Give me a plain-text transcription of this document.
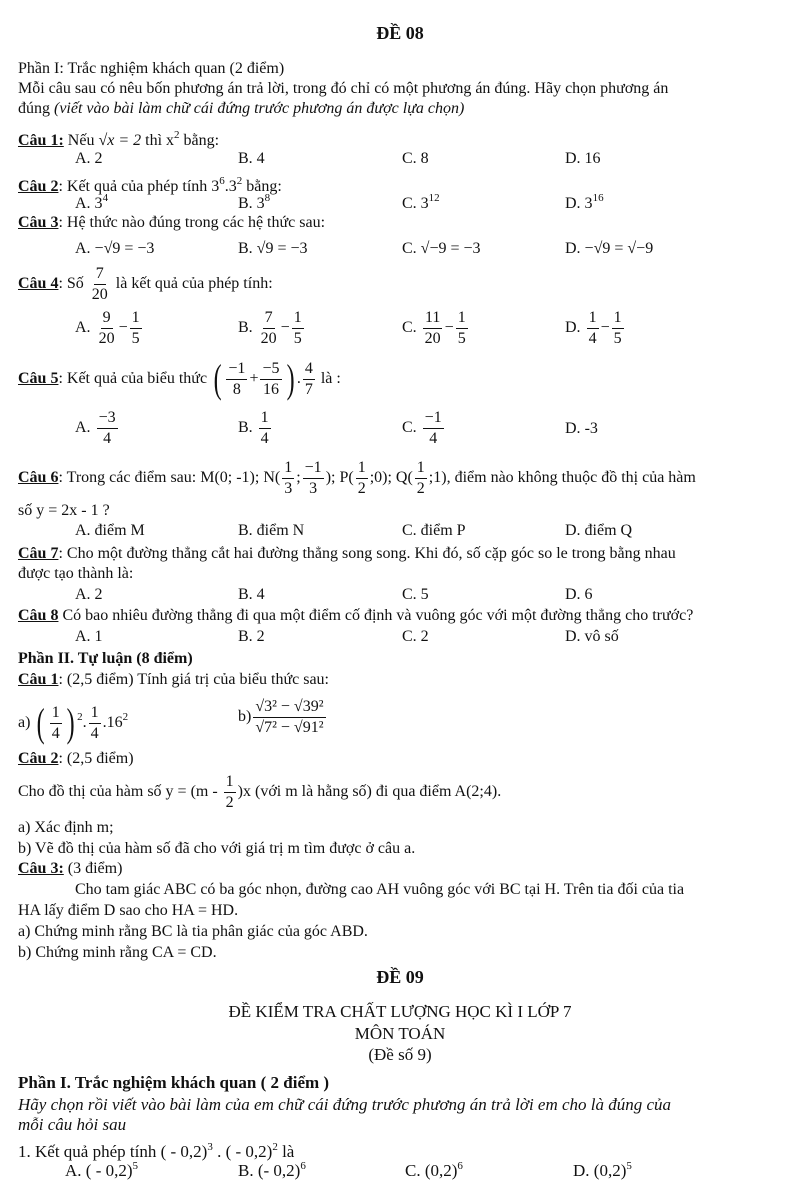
ĐỀ 08
Phần I: Trắc nghiệm khách quan (2 điểm)
Mỗi câu sau có nêu bốn phương án trả lời, trong đó chỉ có một phương án đúng. Hãy chọn phương án
đúng (viết vào bài làm chữ cái đứng trước phương án được lựa chọn)
Câu 1: Nếu √x = 2 thì $x^2$ bằng:
A. 2	B. 4	C. 8	D. 16
Câu 2: Kết quả của phép tính $3^6.3^2$ bằng:
A. $3^4$	B. $3^8$	C. $3^{12}$	D. $3^{16}$
Câu 3: Hệ thức nào đúng trong các hệ thức sau:
A. −√9 = −3	B. √9 = −3	C. √−9 = −3	D. −√9 = √−9
Câu 4: Số $\frac{7}{20}$ là kết quả của phép tính:
A. $\frac{9}{20} - \frac{1}{5}$	B. $\frac{7}{20} - \frac{1}{5}$	C. $\frac{11}{20} - \frac{1}{5}$	D. $\frac{1}{4} - \frac{1}{5}$
Câu 5: Kết quả của biểu thức ( $\frac{-1}{8} + \frac{-5}{16}$ ) . $\frac{4}{7}$ là :
A. $\frac{-3}{4}$	B. $\frac{1}{4}$	C. $\frac{-1}{4}$	D. -3
Câu 6: Trong các điểm sau: M(0; -1); $N( \frac{1}{3}$ ; $\frac{-1}{3}$ ); $P( \frac{1}{2}$ ;0); $Q( \frac{1}{2}$ ;1), điểm nào không thuộc đồ thị của hàm
số y = 2x - 1 ?
A. điểm M	B. điểm N	C. điểm P	D. điểm Q
Câu 7: Cho một đường thẳng cắt hai đường thẳng song song. Khi đó, số cặp góc so le trong bằng nhau
được tạo thành là:
A. 2	B. 4	C. 5	D. 6
Câu 8 Có bao nhiêu đường thẳng đi qua một điểm cố định và vuông góc với một đường thẳng cho trước?
A. 1	B. 2	C. 2	D. vô số
Phần II. Tự luận (8 điểm)
Câu 1: (2,5 điểm) Tính giá trị của biểu thức sau:
a) ( $\frac{1}{4}$ ) $^2$. $\frac{1}{4} .16^2$	$b) \frac{\text{√3² − √39²}}{\text{√7² − √91²}}$
Câu 2: (2,5 điểm)
Cho đồ thị của hàm số $y = (m - \frac{1}{2} )x$ (với m là hằng số) đi qua điểm A(2;4).
a) Xác định m;
b) Vẽ đồ thị của hàm số đã cho với giá trị m tìm được ở câu a.
Câu 3: (3 điểm)
Cho tam giác ABC có ba góc nhọn, đường cao AH vuông góc với BC tại H. Trên tia đối của tia
HA lấy điểm D sao cho HA = HD.
a) Chứng minh rằng BC là tia phân giác của góc ABD.
b) Chứng minh rằng CA = CD.
ĐỀ 09
ĐỀ KIỂM TRA CHẤT LƯỢNG HỌC KÌ I LỚP 7
MÔN TOÁN
(Đề số 9)
Phần I. Trắc nghiệm khách quan ( 2 điểm )
Hãy chọn rồi viết vào bài làm của em chữ cái đứng trước phương án trả lời em cho là đúng của
mỗi câu hỏi sau
1. Kết quả phép tính ( - 0,2)$^3$ . ( - 0,2)$^2$ là
A. ( - 0,2)$^5$	B. (- 0,2)$^6$	C. $(0,2)^6$	D. $(0,2)^5$
